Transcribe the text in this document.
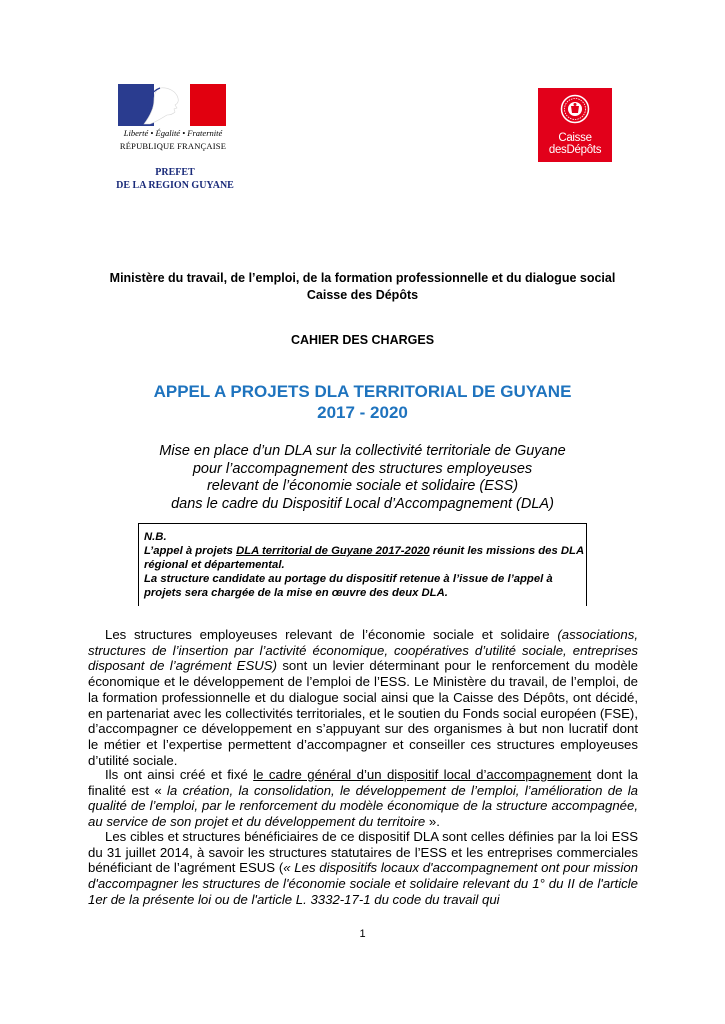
Liberté • Égalité • Fraternité
RÉPUBLIQUE FRANÇAISE
PREFET
DE LA REGION GUYANE
Caisse
desDépôts
Ministère du travail, de l’emploi, de la formation professionnelle et du dialogue social
Caisse des Dépôts
CAHIER DES CHARGES
APPEL A PROJETS DLA TERRITORIAL DE GUYANE
2017 - 2020
Mise en place d’un DLA sur la collectivité territoriale de Guyane
pour l’accompagnement des structures employeuses
relevant de l’économie sociale et solidaire (ESS)
dans le cadre du Dispositif Local d’Accompagnement (DLA)
N.B.
L’appel à projets DLA territorial de Guyane 2017-2020 réunit les missions des DLA régional et départemental.
La structure candidate au portage du dispositif retenue à l’issue de l’appel à projets sera chargée de la mise en œuvre des deux DLA.

Les structures employeuses relevant de l’économie sociale et solidaire (associations, structures de l’insertion par l’activité économique, coopératives d’utilité sociale, entreprises disposant de l’agrément ESUS) sont un levier déterminant pour le renforcement du modèle économique et le développement de l’emploi de l’ESS. Le Ministère du travail, de l’emploi, de la formation professionnelle et du dialogue social ainsi que la Caisse des Dépôts, ont décidé, en partenariat avec les collectivités territoriales, et le soutien du Fonds social européen (FSE), d’accompagner ce développement en s’appuyant sur des organismes à but non lucratif dont le métier et l’expertise permettent d’accompagner et conseiller ces structures employeuses d’utilité sociale.

Ils ont ainsi créé et fixé le cadre général d’un dispositif local d’accompagnement dont la finalité est « la création, la consolidation, le développement de l’emploi, l’amélioration de la qualité de l’emploi, par le renforcement du modèle économique de la structure accompagnée, au service de son projet et du développement du territoire ».

Les cibles et structures bénéficiaires de ce dispositif DLA sont celles définies par la loi ESS du 31 juillet 2014, à savoir les structures statutaires de l’ESS et les entreprises commerciales bénéficiant de l’agrément ESUS (« Les dispositifs locaux d'accompagnement ont pour mission d'accompagner les structures de l'économie sociale et solidaire relevant du 1° du II de l'article 1er de la présente loi ou de l'article L. 3332-17-1 du code du travail qui

1
